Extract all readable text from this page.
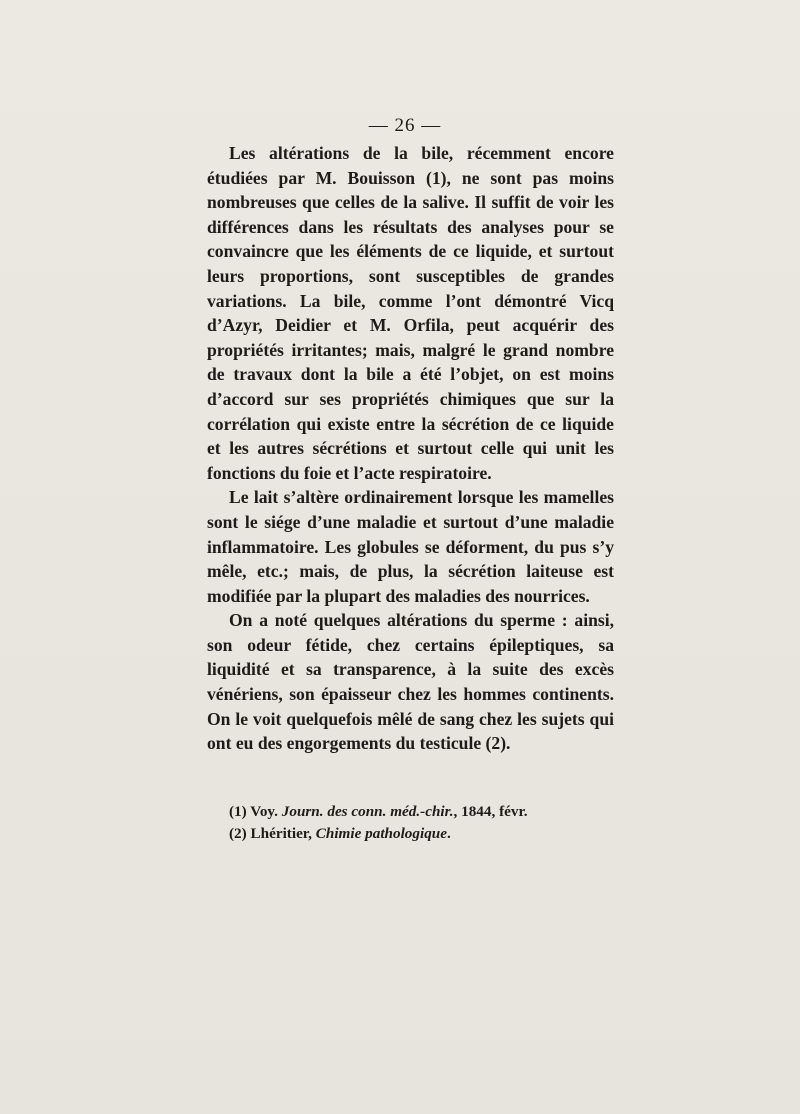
— 26 —

Les altérations de la bile, récemment encore étudiées par M. Bouisson (1), ne sont pas moins nombreuses que celles de la salive. Il suffit de voir les différences dans les résultats des analyses pour se convaincre que les éléments de ce liquide, et surtout leurs proportions, sont susceptibles de grandes variations. La bile, comme l’ont démontré Vicq d’Azyr, Deidier et M. Orfila, peut acquérir des propriétés irritantes; mais, malgré le grand nombre de travaux dont la bile a été l’objet, on est moins d’accord sur ses propriétés chimiques que sur la corrélation qui existe entre la sécrétion de ce liquide et les autres sécrétions et surtout celle qui unit les fonctions du foie et l’acte respiratoire.

Le lait s’altère ordinairement lorsque les mamelles sont le siége d’une maladie et surtout d’une maladie inflammatoire. Les globules se déforment, du pus s’y mêle, etc.; mais, de plus, la sécrétion laiteuse est modifiée par la plupart des maladies des nourrices.

On a noté quelques altérations du sperme : ainsi, son odeur fétide, chez certains épileptiques, sa liquidité et sa transparence, à la suite des excès vénériens, son épaisseur chez les hommes continents. On le voit quelquefois mêlé de sang chez les sujets qui ont eu des engorgements du testicule (2).

(1) Voy. Journ. des conn. méd.-chir., 1844, févr.
(2) Lhéritier, Chimie pathologique.
